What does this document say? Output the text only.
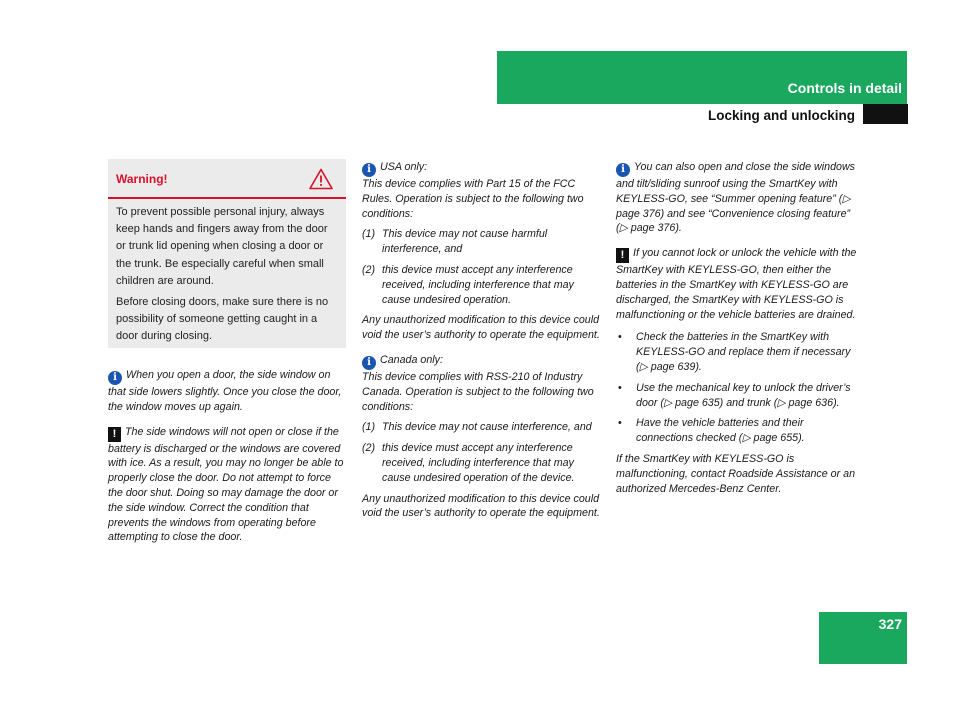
Controls in detail
Locking and unlocking
Warning!

To prevent possible personal injury, always keep hands and fingers away from the door or trunk lid opening when closing a door or the trunk. Be especially careful when small children are around.

Before closing doors, make sure there is no possibility of someone getting caught in a door during closing.

i When you open a door, the side window on that side lowers slightly. Once you close the door, the window moves up again.

! The side windows will not open or close if the battery is discharged or the windows are covered with ice. As a result, you may no longer be able to properly close the door. Do not attempt to force the door shut. Doing so may damage the door or the side window. Correct the condition that prevents the windows from operating before attempting to close the door.

i USA only:

This device complies with Part 15 of the FCC Rules. Operation is subject to the following two conditions:

(1) This device may not cause harmful interference, and
(2) this device must accept any interference received, including interference that may cause undesired operation.

Any unauthorized modification to this device could void the user’s authority to operate the equipment.

i Canada only:

This device complies with RSS-210 of Industry Canada. Operation is subject to the following two conditions:

(1) This device may not cause interference, and
(2) this device must accept any interference received, including interference that may cause undesired operation of the device.

Any unauthorized modification to this device could void the user’s authority to operate the equipment.

i You can also open and close the side windows and tilt/sliding sunroof using the SmartKey with KEYLESS-GO, see “Summer opening feature” (▷ page 376) and see “Convenience closing feature” (▷ page 376).

! If you cannot lock or unlock the vehicle with the SmartKey with KEYLESS-GO, then either the batteries in the SmartKey with KEYLESS-GO are discharged, the SmartKey with KEYLESS-GO is malfunctioning or the vehicle batteries are drained.

• Check the batteries in the SmartKey with KEYLESS-GO and replace them if necessary (▷ page 639).
• Use the mechanical key to unlock the driver’s door (▷ page 635) and trunk (▷ page 636).
• Have the vehicle batteries and their connections checked (▷ page 655).

If the SmartKey with KEYLESS-GO is malfunctioning, contact Roadside Assistance or an authorized Mercedes-Benz Center.

327
